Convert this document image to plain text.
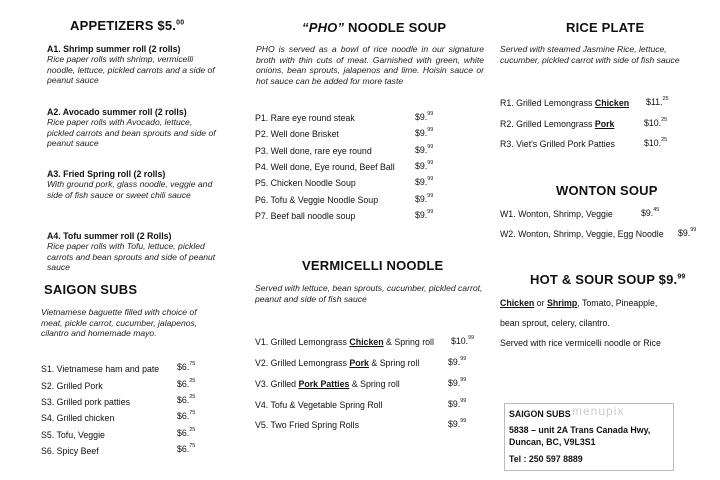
APPETIZERS $5.00
A1. Shrimp summer roll (2 rolls)
Rice paper rolls with shrimp, vermicelli noodle, lettuce, pickled carrots and a side of peanut sauce
A2. Avocado summer roll (2 rolls)
Rice paper rolls with Avocado, lettuce, pickled carrots and bean sprouts and side of peanut sauce
A3. Fried Spring roll (2 rolls)
With ground pork, glass noodle, veggie and side of fish sauce or sweet chili sauce
A4. Tofu summer roll (2 Rolls)
Rice paper rolls with Tofu, lettuce, pickled carrots and bean sprouts and side of peanut sauce
SAIGON SUBS
Vietnamese baguette filled with choice of meat, pickle carrot, cucumber, jalapenos, cilantro and homemade mayo.
S1. Vietnamese ham and pate $6.75
S2. Grilled Pork	$6.25
S3. Grilled pork patties	$6.25
S4. Grilled chicken	$6.75
S5. Tofu, Veggie	$6.25
S6. Spicy Beef	$6.75
“PHO” NOODLE SOUP
PHO is served as a bowl of rice noodle in our signature broth with thin cuts of meat. Garnished with green, white onions, bean sprouts, jalapenos and lime. Hoisin sauce or hot sauce can be added for more taste
P1. Rare eye round steak	$9.99
P2. Well done Brisket	$9.99
P3. Well done, rare eye round	$9.99
P4. Well done, Eye round, Beef Ball $9.99
P5. Chicken Noodle Soup	$9.99
P6. Tofu & Veggie Noodle Soup	$9.99
P7. Beef ball noodle soup	$9.99
VERMICELLI NOODLE
Served with lettuce, bean sprouts, cucumber, pickled carrot, peanut and side of fish sauce
V1. Grilled Lemongrass Chicken & Spring roll $10.99
V2. Grilled Lemongrass Pork & Spring roll	$9.99
V3. Grilled Pork Patties & Spring roll	$9.99
V4. Tofu & Vegetable Spring Roll	$9.99
V5. Two Fried Spring Rolls	$9.99
RICE PLATE
Served with steamed Jasmine Rice, lettuce, cucumber, pickled carrot with side of fish sauce
R1. Grilled Lemongrass Chicken $11.25
R2. Grilled Lemongrass Pork	$10.25
R3. Viet's Grilled Pork Patties	$10.25
WONTON SOUP
W1. Wonton, Shrimp, Veggie	$9.45
W2. Wonton, Shrimp, Veggie, Egg Noodle $9.99
HOT & SOUR SOUP $9.99
Chicken or Shrimp, Tomato, Pineapple,
bean sprout, celery, cilantro.
Served with rice vermicelli noodle or Rice
SAIGON SUBS
5838 – unit 2A Trans Canada Hwy,
Duncan, BC, V9L3S1
Tel : 250 597 8889
menupix
